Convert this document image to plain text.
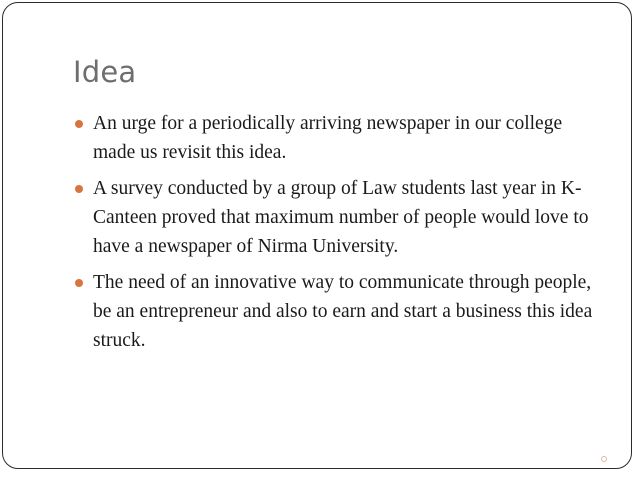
Idea
An urge for a periodically arriving newspaper in our college made us revisit this idea.
A survey conducted by a group of Law students last year in K-Canteen proved that maximum number of people would love to have a newspaper of Nirma University.
The need of an innovative way to communicate through people, be an entrepreneur and also to earn and start a business this idea struck.
